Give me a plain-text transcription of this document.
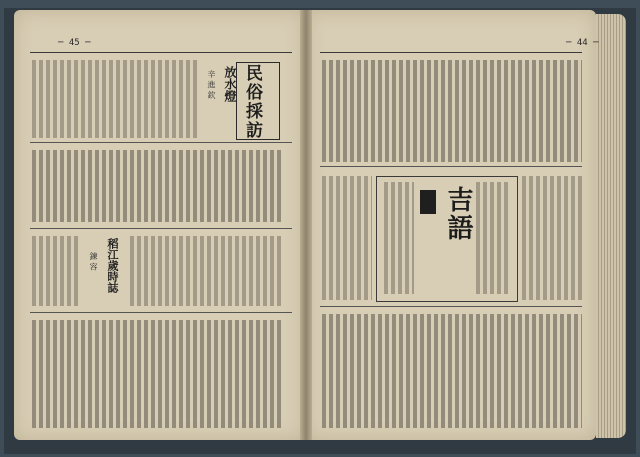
─ 45 ─	─ 44 ─
民俗採訪
放水燈
辛 進 欽
稻江歲時誌
鍊 容
吉語
